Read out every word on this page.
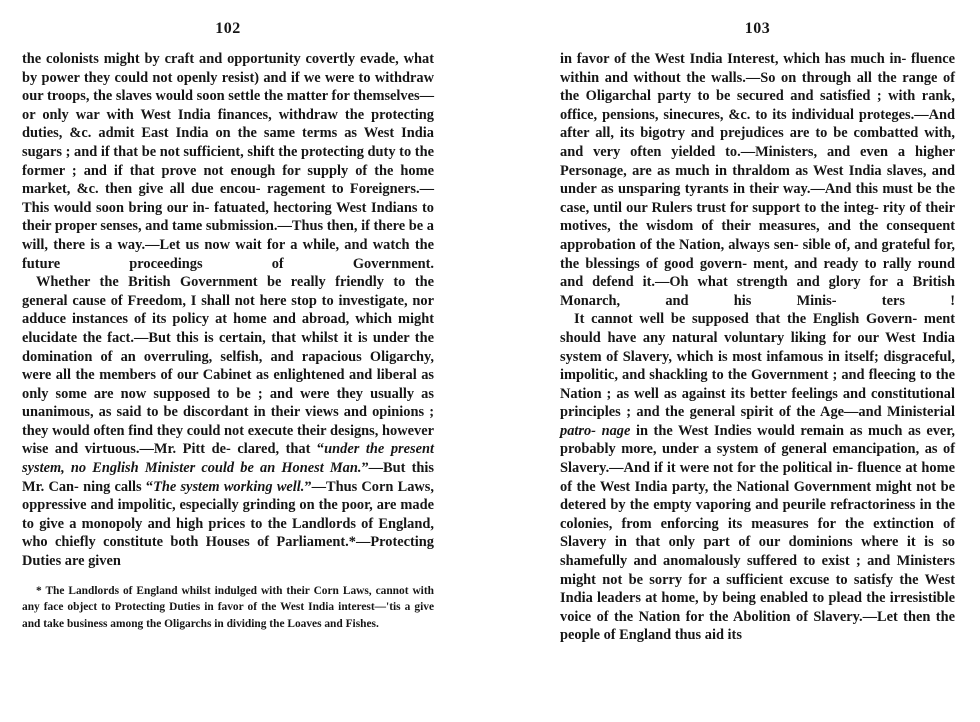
102

the colonists might by craft and opportunity covertly evade, what by power they could not openly resist) and if we were to withdraw our troops, the slaves would soon settle the matter for themselves—or only war with West India finances, withdraw the protecting duties, &c. admit East India on the same terms as West India sugars ; and if that be not sufficient, shift the protecting duty to the former ; and if that prove not enough for supply of the home market, &c. then give all due encou- ragement to Foreigners.—This would soon bring our in- fatuated, hectoring West Indians to their proper senses, and tame submission.—Thus then, if there be a will, there is a way.—Let us now wait for a while, and watch the future proceedings of Government.

Whether the British Government be really friendly to the general cause of Freedom, I shall not here stop to investigate, nor adduce instances of its policy at home and abroad, which might elucidate the fact.—But this is certain, that whilst it is under the domination of an overruling, selfish, and rapacious Oligarchy, were all the members of our Cabinet as enlightened and liberal as only some are now supposed to be ; and were they usually as unanimous, as said to be discordant in their views and opinions ; they would often find they could not execute their designs, however wise and virtuous.—Mr. Pitt de- clared, that “under the present system, no English Minister could be an Honest Man.”—But this Mr. Can- ning calls “The system working well.”—Thus Corn Laws, oppressive and impolitic, especially grinding on the poor, are made to give a monopoly and high prices to the Landlords of England, who chiefly constitute both Houses of Parliament.*—Protecting Duties are given

* The Landlords of England whilst indulged with their Corn Laws, cannot with any face object to Protecting Duties in favor of the West India interest—'tis a give and take business among the Oligarchs in dividing the Loaves and Fishes.

103

in favor of the West India Interest, which has much in- fluence within and without the walls.—So on through all the range of the Oligarchal party to be secured and satisfied ; with rank, office, pensions, sinecures, &c. to its individual proteges.—And after all, its bigotry and prejudices are to be combatted with, and very often yielded to.—Ministers, and even a higher Personage, are as much in thraldom as West India slaves, and under as unsparing tyrants in their way.—And this must be the case, until our Rulers trust for support to the integ- rity of their motives, the wisdom of their measures, and the consequent approbation of the Nation, always sen- sible of, and grateful for, the blessings of good govern- ment, and ready to rally round and defend it.—Oh what strength and glory for a British Monarch, and his Minis-	ters !

It cannot well be supposed that the English Govern- ment should have any natural voluntary liking for our West India system of Slavery, which is most infamous in itself; disgraceful, impolitic, and shackling to the Government ; and fleecing to the Nation ; as well as against its better feelings and constitutional principles ; and the general spirit of the Age—and Ministerial patro- nage in the West Indies would remain as much as ever, probably more, under a system of general emancipation, as of Slavery.—And if it were not for the political in- fluence at home of the West India party, the National Government might not be detered by the empty vaporing and peurile refractoriness in the colonies, from enforcing its measures for the extinction of Slavery in that only part of our dominions where it is so shamefully and anomalously suffered to exist ; and Ministers might not be sorry for a sufficient excuse to satisfy the West India leaders at home, by being enabled to plead the irresistible voice of the Nation for the Abolition of Slavery.—Let then the people of England thus aid its
